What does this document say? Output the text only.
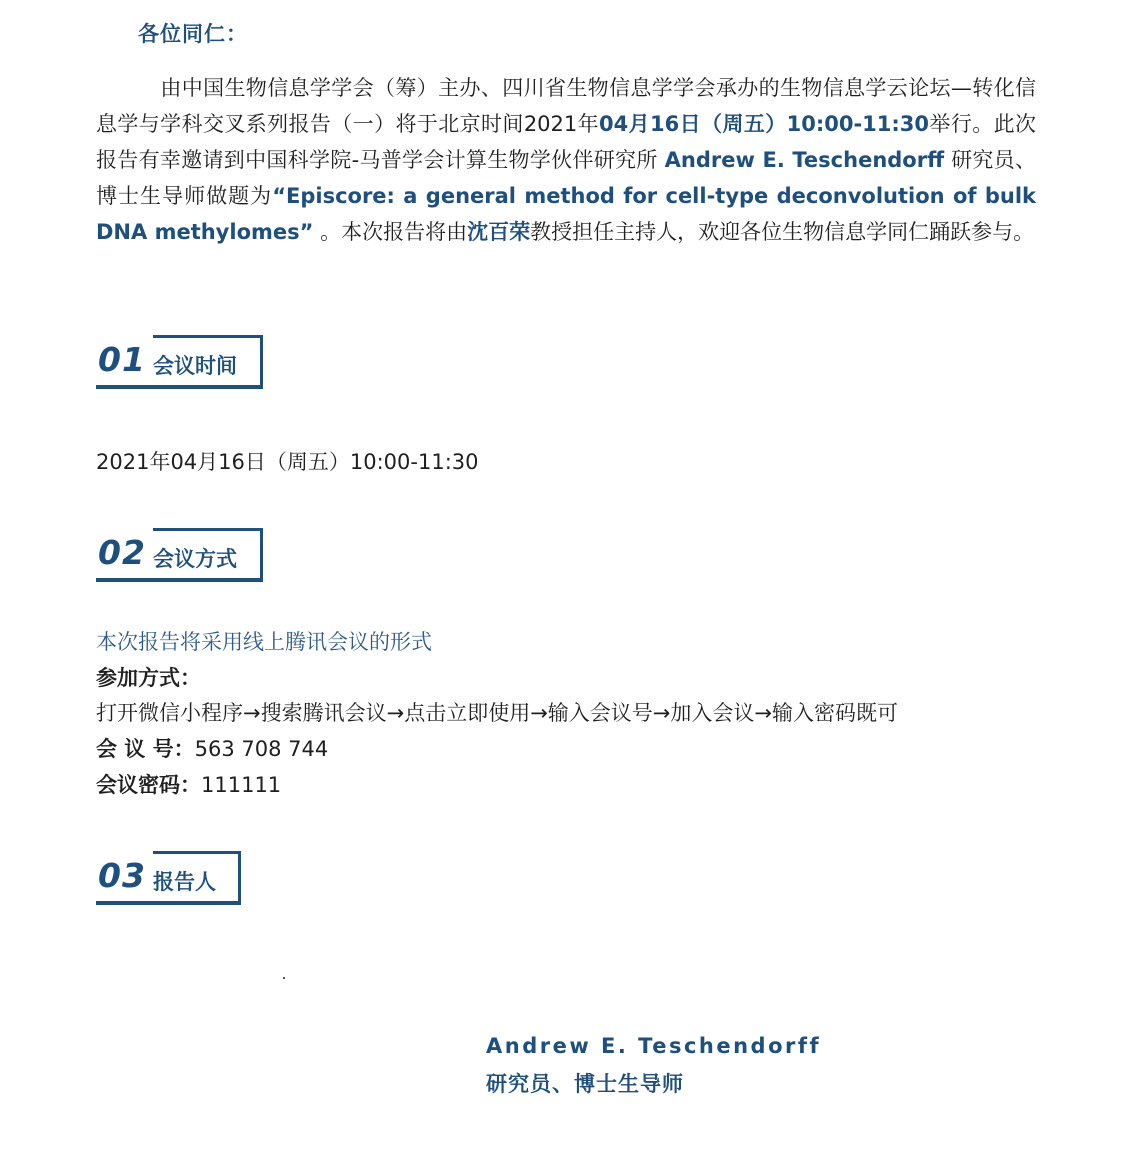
各位同仁：
由中国生物信息学学会（筹）主办、四川省生物信息学学会承办的生物信息学云论坛—转化信息学与学科交叉系列报告（一）将于北京时间2021年04月16日（周五）10:00-11:30举行。此次报告有幸邀请到中国科学院-马普学会计算生物学伙伴研究所 Andrew E. Teschendorff 研究员、博士生导师做题为“Episcore: a general method for cell-type deconvolution of bulk DNA methylomes” 。本次报告将由沈百荣教授担任主持人，欢迎各位生物信息学同仁踊跃参与。
01 会议时间
2021年04月16日（周五）10:00-11:30
02 会议方式
本次报告将采用线上腾讯会议的形式
参加方式：
打开微信小程序→搜索腾讯会议→点击立即使用→输入会议号→加入会议→输入密码既可
会 议 号：563 708 744
会议密码：111111
03 报告人
Andrew E. Teschendorff
研究员、博士生导师
